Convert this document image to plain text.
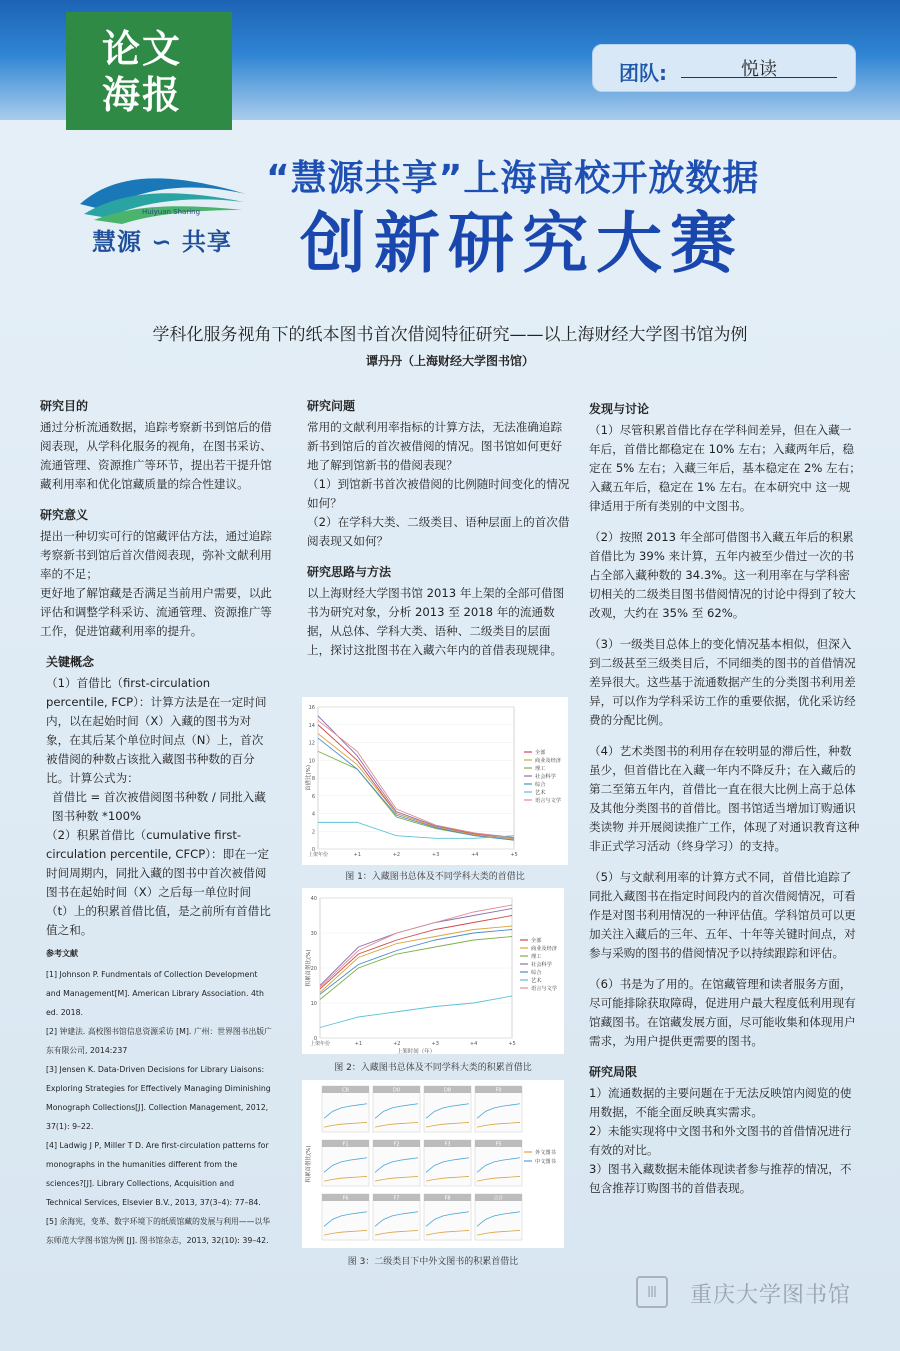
论文
海报	团队:	悦读
Huiyuan Sharing
慧源 ∽ 共享
“慧源共享”上海高校开放数据
创新研究大赛
学科化服务视角下的纸本图书首次借阅特征研究——以上海财经大学图书馆为例
谭丹丹（上海财经大学图书馆）
研究目的

通过分析流通数据，追踪考察新书到馆后的借阅表现，从学科化服务的视角，在图书采访、流通管理、资源推广等环节，提出若干提升馆藏利用率和优化馆藏质量的综合性建议。

研究意义

提出一种切实可行的馆藏评估方法，通过追踪考察新书到馆后首次借阅表现，弥补文献利用率的不足；

更好地了解馆藏是否满足当前用户需要，以此评估和调整学科采访、流通管理、资源推广等工作，促进馆藏利用率的提升。

关键概念

（1）首借比（first-circulation percentile, FCP）：计算方法是在一定时间内，以在起始时间（X）入藏的图书为对象，在其后某个单位时间点（N）上，首次被借阅的种数占该批入藏图书种数的百分比。计算公式为：

首借比 = 首次被借阅图书种数 / 同批入藏图书种数 *100%

（2）积累首借比（cumulative first-circulation percentile, CFCP）：即在一定时间周期内，同批入藏的图书中首次被借阅图书在起始时间（X）之后每一单位时间（t）上的积累首借比值，是之前所有首借比值之和。

参考文献
[1] Johnson P. Fundmentals of Collection Development and Management[M]. American Library Association. 4th ed. 2018.
[2] 钟建法. 高校图书馆信息资源采访 [M]. 广州：世界图书出版广东有限公司, 2014:237
[3] Jensen K. Data-Driven Decisions for Library Liaisons: Exploring Strategies for Effectively Managing Diminishing Monograph Collections[J]. Collection Management, 2012, 37(1): 9–22.
[4] Ladwig J P, Miller T D. Are first-circulation patterns for monographs in the humanities different from the sciences?[J]. Library Collections, Acquisition and Technical Services, Elsevier B.V., 2013, 37(3–4): 77–84.
[5] 余海宪，变革、数字环境下的纸质馆藏的发展与利用——以华东师范大学图书馆为例 [J]. 图书馆杂志，2013, 32(10): 39–42.
研究问题

常用的文献利用率指标的计算方法，无法准确追踪新书到馆后的首次被借阅的情况。图书馆如何更好地了解到馆新书的借阅表现？

（1）到馆新书首次被借阅的比例随时间变化的情况如何？

（2）在学科大类、二级类目、语种层面上的首次借阅表现又如何？

研究思路与方法

以上海财经大学图书馆 2013 年上架的全部可借图书为研究对象，分析 2013 至 2018 年的流通数据，从总体、学科大类、语种、二级类目的层面上，探讨这批图书在入藏六年内的首借表现规律。

0
2
4
6
8
10
12
14
16
上架年份	+1	+2	+3	+4	+5
首借比(%)
全部
商业及经济
理工
社会科学
综合
艺术
语言与文学
图 1：入藏图书总体及不同学科大类的首借比
0
10
20
30
40
上架年份	+1	+2	+3	+4	+5
积累首借比(%)
上架时间（年）
全部
商业及经济
理工
社会科学
综合
艺术
语言与文学
图 2：入藏图书总体及不同学科大类的积累首借比
积累首借比(%)
C8	D0	D8	F0
F1	F2	F3	F5
F6	F7	F8	合计
外文图书
中文图书
图 3：二级类目下中外文图书的积累首借比
发现与讨论

（1）尽管积累首借比存在学科间差异，但在入藏一年后，首借比都稳定在 10% 左右；入藏两年后，稳定在 5% 左右；入藏三年后，基本稳定在 2% 左右；入藏五年后，稳定在 1% 左右。在本研究中 这一规律适用于所有类别的中文图书。

（2）按照 2013 年全部可借图书入藏五年后的积累首借比为 39% 来计算，五年内被至少借过一次的书占全部入藏种数的 34.3%。这一利用率在与学科密切相关的二级类目图书借阅情况的讨论中得到了较大改观，大约在 35% 至 62%。

（3）一级类目总体上的变化情况基本相似，但深入到二级甚至三级类目后，不同细类的图书的首借情况差异很大。这些基于流通数据产生的分类图书利用差异，可以作为学科采访工作的重要依据，优化采访经费的分配比例。

（4）艺术类图书的利用存在较明显的滞后性，种数虽少，但首借比在入藏一年内不降反升；在入藏后的第二至第五年内，首借比一直在很大比例上高于总体及其他分类图书的首借比。图书馆适当增加订购通识类读物 并开展阅读推广工作，体现了对通识教育这种非正式学习活动（终身学习）的支持。

（5）与文献利用率的计算方式不同，首借比追踪了同批入藏图书在指定时间段内的首次借阅情况，可看作是对图书利用情况的一种评估值。学科馆员可以更加关注入藏后的三年、五年、十年等关键时间点，对参与采购的图书的借阅情况予以持续跟踪和评估。

（6）书是为了用的。在馆藏管理和读者服务方面，尽可能排除获取障碍，促进用户最大程度低利用现有馆藏图书。在馆藏发展方面，尽可能收集和体现用户需求，为用户提供更需要的图书。

研究局限

1）流通数据的主要问题在于无法反映馆内阅览的使用数据，不能全面反映真实需求。

2）未能实现将中文图书和外文图书的首借情况进行有效的对比。

3）图书入藏数据未能体现读者参与推荐的情况，不包含推荐订购图书的首借表现。

Ⅲ	重庆大学图书馆
